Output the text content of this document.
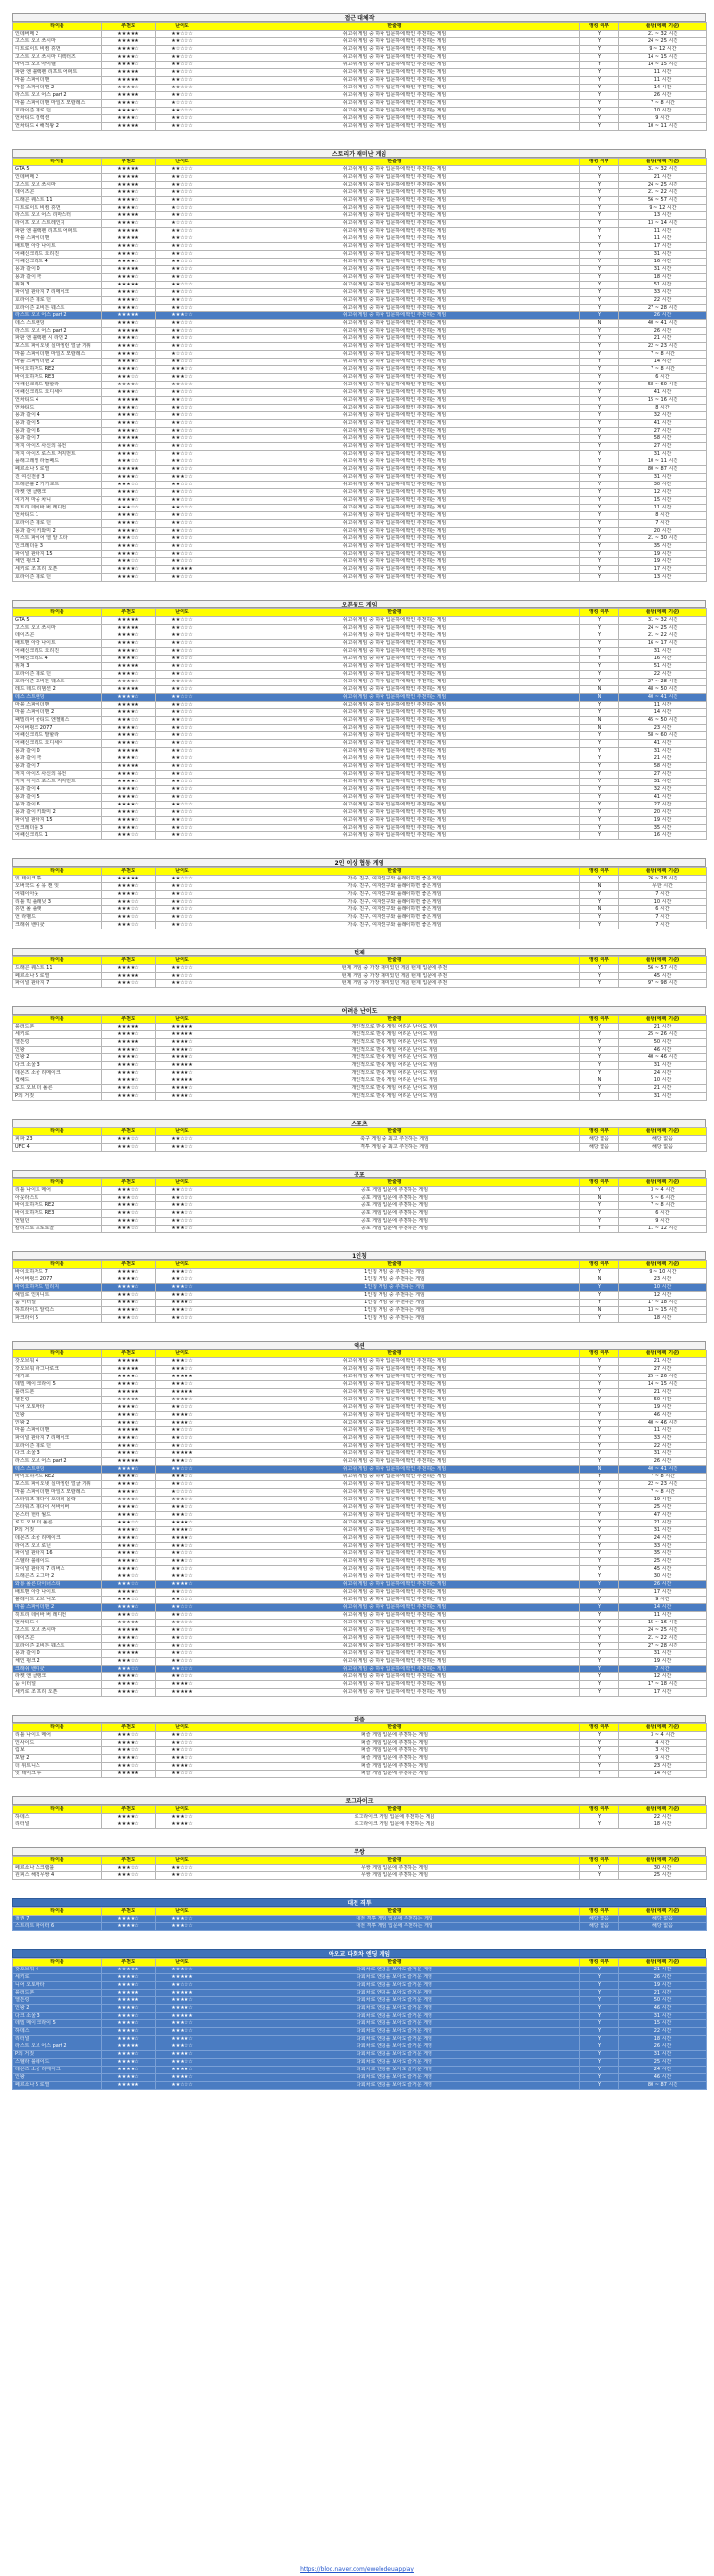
접근 대체작
타이틀	추천도	난이도	한줄평	영킹 여부	플탐(에펙 기준)
인데버메 2	★★★★★	★★☆☆☆	쉬고쉬 게임 중 하나 입문하에 딱인 추천하는 게임	Y	21 ~ 32 시간
고스트 오브 쓰시마	★★★★★	★★☆☆☆	쉬고쉬 게임 중 하나 입문하에 딱인 추천하는 게임	Y	24 ~ 25 시간
디트로이트 비컴 휴먼	★★★★☆	★☆☆☆☆	쉬고쉬 게임 중 하나 입문하에 딱인 추천하는 게임	Y	9 ~ 12 시간
고스트 오브 쓰시마 디렉터즈	★★★★☆	★★☆☆☆	쉬고쉬 게임 중 하나 입문하에 딱인 추천하는 게임	Y	14 ~ 15 시간
마이크 오브 아이텔	★★★★☆	★★☆☆☆	쉬고쉬 게임 중 하나 입문하에 딱인 추천하는 게임	Y	14 ~ 15 시간
파판 엔 블랙펜 리프트 어퍼트	★★★★★	★★☆☆☆	쉬고쉬 게임 중 하나 입문하에 딱인 추천하는 게임	Y	11 시간
마블 스파이더맨	★★★★★	★★☆☆☆	쉬고쉬 게임 중 하나 입문하에 딱인 추천하는 게임	Y	11 시간
마블 스파이더맨 2	★★★★☆	★★☆☆☆	쉬고쉬 게임 중 하나 입문하에 딱인 추천하는 게임	Y	14 시간
라스트 오브 어스 part 2	★★★★★	★★☆☆☆	쉬고쉬 게임 중 하나 입문하에 딱인 추천하는 게임	Y	26 시간
마블 스파이더맨 마일즈 모랄레스	★★★★☆	★☆☆☆☆	쉬고쉬 게임 중 하나 입문하에 딱인 추천하는 게임	Y	7 ~ 8 시간
호라이즌 제로 던	★★★★☆	★★☆☆☆	쉬고쉬 게임 중 하나 입문하에 딱인 추천하는 게임	Y	10 시간
언차티드 컬렉션	★★★★☆	★★☆☆☆	쉬고쉬 게임 중 하나 입문하에 딱인 추천하는 게임	Y	9 시간
언차티드 4 해적왕 2	★★★★★	★★☆☆☆	쉬고쉬 게임 중 하나 입문하에 딱인 추천하는 게임	Y	10 ~ 11 시간
스토리가 재미난 게임
타이틀	추천도	난이도	한줄평	영킹 여부	플탐(에펙 기준)
GTA 5	★★★★★	★★☆☆☆	쉬고쉬 게임 중 하나 입문하에 딱인 추천하는 게임	Y	31 ~ 32 시간
인데버메 2	★★★★★	★★☆☆☆	쉬고쉬 게임 중 하나 입문하에 딱인 추천하는 게임	Y	21 시간
고스트 오브 쓰시마	★★★★★	★★☆☆☆	쉬고쉬 게임 중 하나 입문하에 딱인 추천하는 게임	Y	24 ~ 25 시간
데이즈곤	★★★★☆	★★☆☆☆	쉬고쉬 게임 중 하나 입문하에 딱인 추천하는 게임	Y	21 ~ 22 시간
드래곤 퀘스트 11	★★★★☆	★★☆☆☆	쉬고쉬 게임 중 하나 입문하에 딱인 추천하는 게임	Y	56 ~ 57 시간
디트로이트 비컴 휴먼	★★★★☆	★☆☆☆☆	쉬고쉬 게임 중 하나 입문하에 딱인 추천하는 게임	Y	9 ~ 12 시간
라스트 오브 어스 리마스터	★★★★★	★★☆☆☆	쉬고쉬 게임 중 하나 입문하에 딱인 추천하는 게임	Y	13 시간
라이프 오브 스트레인지	★★★★☆	★☆☆☆☆	쉬고쉬 게임 중 하나 입문하에 딱인 추천하는 게임	Y	13 ~ 14 시간
파판 엔 블랙펜 리프트 어퍼트	★★★★★	★★☆☆☆	쉬고쉬 게임 중 하나 입문하에 딱인 추천하는 게임	Y	11 시간
마블 스파이더맨	★★★★★	★★☆☆☆	쉬고쉬 게임 중 하나 입문하에 딱인 추천하는 게임	Y	11 시간
배트맨 아캄 나이트	★★★★☆	★★☆☆☆	쉬고쉬 게임 중 하나 입문하에 딱인 추천하는 게임	Y	17 시간
어쌔신크리드 오리진	★★★★☆	★★☆☆☆	쉬고쉬 게임 중 하나 입문하에 딱인 추천하는 게임	Y	31 시간
어쌔신크리드 4	★★★★☆	★★☆☆☆	쉬고쉬 게임 중 하나 입문하에 딱인 추천하는 게임	Y	16 시간
용과 같이 0	★★★★★	★★☆☆☆	쉬고쉬 게임 중 하나 입문하에 딱인 추천하는 게임	Y	31 시간
용과 같이 극	★★★★☆	★★☆☆☆	쉬고쉬 게임 중 하나 입문하에 딱인 추천하는 게임	Y	18 시간
위쳐 3	★★★★★	★★☆☆☆	쉬고쉬 게임 중 하나 입문하에 딱인 추천하는 게임	Y	51 시간
파이널 판타지 7 리메이크	★★★★☆	★★☆☆☆	쉬고쉬 게임 중 하나 입문하에 딱인 추천하는 게임	Y	33 시간
호라이즌 제로 던	★★★★☆	★★☆☆☆	쉬고쉬 게임 중 하나 입문하에 딱인 추천하는 게임	Y	22 시간
호라이즌 포비든 웨스트	★★★★☆	★★☆☆☆	쉬고쉬 게임 중 하나 입문하에 딱인 추천하는 게임	Y	27 ~ 28 시간
라스트 오브 어스 part 2	★★★★★	★★★☆☆	쉬고쉬 게임 중 하나 입문하에 딱인 추천하는 게임	Y	26 시간
데스 스트랜딩	★★★★☆	★★☆☆☆	쉬고쉬 게임 중 하나 입문하에 딱인 추천하는 게임	N	40 ~ 41 시간
라스트 오브 어스 part 2	★★★★★	★★☆☆☆	쉬고쉬 게임 중 하나 입문하에 딱인 추천하는 게임	Y	26 시간
파판 엔 블랙펜 시 라멘 2	★★★★☆	★★☆☆☆	쉬고쉬 게임 중 하나 입문하에 딱인 추천하는 게임	Y	21 시간
포스트 파이오넷 실마젤런 얼굴 가위	★★★★☆	★★☆☆☆	쉬고쉬 게임 중 하나 입문하에 딱인 추천하는 게임	Y	22 ~ 23 시간
마블 스파이더맨 마일즈 모랄레스	★★★★☆	★☆☆☆☆	쉬고쉬 게임 중 하나 입문하에 딱인 추천하는 게임	Y	7 ~ 8 시간
마블 스파이더맨 2	★★★★☆	★★☆☆☆	쉬고쉬 게임 중 하나 입문하에 딱인 추천하는 게임	Y	14 시간
바이오하자드 RE2	★★★★☆	★★★☆☆	쉬고쉬 게임 중 하나 입문하에 딱인 추천하는 게임	Y	7 ~ 8 시간
바이오하자드 RE3	★★★☆☆	★★★☆☆	쉬고쉬 게임 중 하나 입문하에 딱인 추천하는 게임	Y	6 시간
어쌔신크리드 발할라	★★★★☆	★★☆☆☆	쉬고쉬 게임 중 하나 입문하에 딱인 추천하는 게임	Y	58 ~ 60 시간
어쌔신크리드 오디세이	★★★★☆	★★☆☆☆	쉬고쉬 게임 중 하나 입문하에 딱인 추천하는 게임	Y	41 시간
언차티드 4	★★★★★	★★☆☆☆	쉬고쉬 게임 중 하나 입문하에 딱인 추천하는 게임	Y	15 ~ 16 시간
언챠티드	★★★★☆	★★☆☆☆	쉬고쉬 게임 중 하나 입문하에 딱인 추천하는 게임	Y	8 시간
용과 같이 4	★★★★☆	★★☆☆☆	쉬고쉬 게임 중 하나 입문하에 딱인 추천하는 게임	Y	32 시간
용과 같이 5	★★★★☆	★★☆☆☆	쉬고쉬 게임 중 하나 입문하에 딱인 추천하는 게임	Y	41 시간
용과 같이 6	★★★★☆	★★☆☆☆	쉬고쉬 게임 중 하나 입문하에 딱인 추천하는 게임	Y	27 시간
용과 같이 7	★★★★★	★★☆☆☆	쉬고쉬 게임 중 하나 입문하에 딱인 추천하는 게임	Y	58 시간
저지 아이즈 사신의 유언	★★★★☆	★★☆☆☆	쉬고쉬 게임 중 하나 입문하에 딱인 추천하는 게임	Y	27 시간
저지 아이즈 로스트 저지먼트	★★★★☆	★★☆☆☆	쉬고쉬 게임 중 하나 입문하에 딱인 추천하는 게임	Y	31 시간
플래그레일 라놀페드	★★★☆☆	★★☆☆☆	쉬고쉬 게임 중 하나 입문하에 딱인 추천하는 게임	Y	10 ~ 11 시간
페르소나 5 로열	★★★★★	★★☆☆☆	쉬고쉬 게임 중 하나 입문하에 딱인 추천하는 게임	Y	80 ~ 87 시간
진 여신전생 3	★★★★☆	★★★☆☆	쉬고쉬 게임 중 하나 입문하에 딱인 추천하는 게임	Y	31 시간
드래곤볼 Z 카카로트	★★★☆☆	★★☆☆☆	쉬고쉬 게임 중 하나 입문하에 딱인 추천하는 게임	Y	30 시간
라켓 앤 클랭크	★★★★☆	★★☆☆☆	쉬고쉬 게임 중 하나 입문하에 딱인 추천하는 게임	Y	12 시간
여기저 마을 차니	★★★★☆	★★☆☆☆	쉬고쉬 게임 중 하나 입문하에 딱인 추천하는 게임	Y	15 시간
히트리 데이바 버 레디언	★★★☆☆	★★☆☆☆	쉬고쉬 게임 중 하나 입문하에 딱인 추천하는 게임	Y	11 시간
언차티드 1	★★★★☆	★★☆☆☆	쉬고쉬 게임 중 하나 입문하에 딱인 추천하는 게임	Y	8 시간
호라이즌 제로 던	★★★★☆	★★☆☆☆	쉬고쉬 게임 중 하나 입문하에 딱인 추천하는 게임	Y	7 시간
용과 같이 키와미 2	★★★★☆	★★☆☆☆	쉬고쉬 게임 중 하나 입문하에 딱인 추천하는 게임	Y	20 시간
미스트 파이어 엘 알 드타	★★★☆☆	★★☆☆☆	쉬고쉬 게임 중 하나 입문하에 딱인 추천하는 게임	Y	21 ~ 30 시간
인크레더블 3	★★★★☆	★★☆☆☆	쉬고쉬 게임 중 하나 입문하에 딱인 추천하는 게임	Y	35 시간
파이널 판타지 15	★★★★☆	★★☆☆☆	쉬고쉬 게임 중 하나 입문하에 딱인 추천하는 게임	Y	19 시간
체인 펑크 2	★★★☆☆	★★☆☆☆	쉬고쉬 게임 중 하나 입문하에 딱인 추천하는 게임	Y	19 시간
세키로 조 프리 오픈	★★★★☆	★★★★★	쉬고쉬 게임 중 하나 입문하에 딱인 추천하는 게임	Y	17 시간
호라이즌 제로 던	★★★★☆	★★☆☆☆	쉬고쉬 게임 중 하나 입문하에 딱인 추천하는 게임	Y	13 시간
오픈월드 게임
타이틀	추천도	난이도	한줄평	영킹 여부	플탐(에펙 기준)
GTA 5	★★★★★	★★☆☆☆	쉬고쉬 게임 중 하나 입문하에 딱인 추천하는 게임	Y	31 ~ 32 시간
고스트 오브 쓰시마	★★★★★	★★☆☆☆	쉬고쉬 게임 중 하나 입문하에 딱인 추천하는 게임	Y	24 ~ 25 시간
데이즈곤	★★★★☆	★★☆☆☆	쉬고쉬 게임 중 하나 입문하에 딱인 추천하는 게임	Y	21 ~ 22 시간
배트맨 아캄 나이트	★★★★☆	★★☆☆☆	쉬고쉬 게임 중 하나 입문하에 딱인 추천하는 게임	Y	16 ~ 17 시간
어쌔신크리드 오리진	★★★★☆	★★☆☆☆	쉬고쉬 게임 중 하나 입문하에 딱인 추천하는 게임	Y	31 시간
어쌔신크리드 4	★★★★☆	★★☆☆☆	쉬고쉬 게임 중 하나 입문하에 딱인 추천하는 게임	Y	16 시간
위쳐 3	★★★★★	★★☆☆☆	쉬고쉬 게임 중 하나 입문하에 딱인 추천하는 게임	Y	51 시간
호라이즌 제로 던	★★★★☆	★★☆☆☆	쉬고쉬 게임 중 하나 입문하에 딱인 추천하는 게임	Y	22 시간
호라이즌 포비든 웨스트	★★★★☆	★★☆☆☆	쉬고쉬 게임 중 하나 입문하에 딱인 추천하는 게임	Y	27 ~ 28 시간
레드 데드 리뎀션 2	★★★★★	★★☆☆☆	쉬고쉬 게임 중 하나 입문하에 딱인 추천하는 게임	N	48 ~ 50 시간
데스 스트랜딩	★★★★☆	★★☆☆☆	쉬고쉬 게임 중 하나 입문하에 딱인 추천하는 게임	N	40 ~ 41 시간
마블 스파이더맨	★★★★★	★★☆☆☆	쉬고쉬 게임 중 하나 입문하에 딱인 추천하는 게임	Y	11 시간
마블 스파이더맨 2	★★★★☆	★★☆☆☆	쉬고쉬 게임 중 하나 입문하에 딱인 추천하는 게임	Y	14 시간
패밀리어 울티드 엔젤레스	★★★☆☆	★★☆☆☆	쉬고쉬 게임 중 하나 입문하에 딱인 추천하는 게임	N	45 ~ 50 시간
사이버펑크 2077	★★★★☆	★★☆☆☆	쉬고쉬 게임 중 하나 입문하에 딱인 추천하는 게임	N	23 시간
어쌔신크리드 발할라	★★★★☆	★★☆☆☆	쉬고쉬 게임 중 하나 입문하에 딱인 추천하는 게임	Y	58 ~ 60 시간
어쌔신크리드 오디세이	★★★★☆	★★☆☆☆	쉬고쉬 게임 중 하나 입문하에 딱인 추천하는 게임	Y	41 시간
용과 같이 0	★★★★★	★★☆☆☆	쉬고쉬 게임 중 하나 입문하에 딱인 추천하는 게임	Y	31 시간
용과 같이 극	★★★★☆	★★☆☆☆	쉬고쉬 게임 중 하나 입문하에 딱인 추천하는 게임	Y	21 시간
용과 같이 7	★★★★★	★★☆☆☆	쉬고쉬 게임 중 하나 입문하에 딱인 추천하는 게임	Y	58 시간
저지 아이즈 사신의 유언	★★★★☆	★★☆☆☆	쉬고쉬 게임 중 하나 입문하에 딱인 추천하는 게임	Y	27 시간
저지 아이즈 로스트 저지먼트	★★★★☆	★★☆☆☆	쉬고쉬 게임 중 하나 입문하에 딱인 추천하는 게임	Y	31 시간
용과 같이 4	★★★★☆	★★☆☆☆	쉬고쉬 게임 중 하나 입문하에 딱인 추천하는 게임	Y	32 시간
용과 같이 5	★★★★☆	★★☆☆☆	쉬고쉬 게임 중 하나 입문하에 딱인 추천하는 게임	Y	41 시간
용과 같이 6	★★★★☆	★★☆☆☆	쉬고쉬 게임 중 하나 입문하에 딱인 추천하는 게임	Y	27 시간
용과 같이 키와미 2	★★★★☆	★★☆☆☆	쉬고쉬 게임 중 하나 입문하에 딱인 추천하는 게임	Y	20 시간
파이널 판타지 15	★★★★☆	★★☆☆☆	쉬고쉬 게임 중 하나 입문하에 딱인 추천하는 게임	Y	19 시간
인크레더블 3	★★★★☆	★★☆☆☆	쉬고쉬 게임 중 하나 입문하에 딱인 추천하는 게임	Y	35 시간
어쌔신크리드 1	★★★☆☆	★★☆☆☆	쉬고쉬 게임 중 하나 입문하에 딱인 추천하는 게임	Y	16 시간
2인 이상 협동 게임
타이틀	추천도	난이도	한줄평	영킹 여부	플탐(에펙 기준)
잇 테이크 투	★★★★★	★★☆☆☆	가족, 친구, 여자친구와 플레이하면 좋은 게임	Y	26 ~ 28 시간
오버쿡드 올 유 캔 잇	★★★★☆	★★☆☆☆	가족, 친구, 여자친구와 플레이하면 좋은 게임	N	무한 시간
어웨이아웃	★★★★☆	★★☆☆☆	가족, 친구, 여자친구와 플레이하면 좋은 게임	Y	7 시간
리틀 빅 플래닛 3	★★★☆☆	★★☆☆☆	가족, 친구, 여자친구와 플레이하면 좋은 게임	Y	10 시간
휴먼 폴 플랫	★★★☆☆	★★☆☆☆	가족, 친구, 여자친구와 플레이하면 좋은 게임	N	6 시간
언 라벨드	★★★☆☆	★★☆☆☆	가족, 친구, 여자친구와 플레이하면 좋은 게임	Y	7 시간
크래쉬 밴디쿳	★★★☆☆	★★☆☆☆	가족, 친구, 여자친구와 플레이하면 좋은 게임	Y	7 시간
턴제
타이틀	추천도	난이도	한줄평	영킹 여부	플탐(에펙 기준)
드래곤 퀘스트 11	★★★★☆	★★☆☆☆	턴제 게임 중 가장 재미있던 게임 턴제 입문에 추천	Y	56 ~ 57 시간
페르소나 5 로열	★★★★★	★★☆☆☆	턴제 게임 중 가장 재미있던 게임 턴제 입문에 추천	Y	45 시간
파이널 판타지 7	★★★☆☆	★★☆☆☆	턴제 게임 중 가장 재미있던 게임 턴제 입문에 추천	Y	97 ~ 98 시간
어려운 난이도
타이틀	추천도	난이도	한줄평	영킹 여부	플탐(에펙 기준)
블러드본	★★★★★	★★★★★	개인적으로 반복 게임 어려운 난이도 게임	Y	21 시간
세키로	★★★★☆	★★★★★	개인적으로 반복 게임 어려운 난이도 게임	Y	25 ~ 26 시간
엘든링	★★★★★	★★★★☆	개인적으로 반복 게임 어려운 난이도 게임	Y	50 시간
인왕	★★★★☆	★★★★☆	개인적으로 반복 게임 어려운 난이도 게임	Y	46 시간
인왕 2	★★★★☆	★★★★☆	개인적으로 반복 게임 어려운 난이도 게임	Y	40 ~ 46 시간
다크 소울 3	★★★★☆	★★★★★	개인적으로 반복 게임 어려운 난이도 게임	Y	31 시간
데몬즈 소울 리메이크	★★★★☆	★★★★☆	개인적으로 반복 게임 어려운 난이도 게임	Y	24 시간
컵헤드	★★★★☆	★★★★★	개인적으로 반복 게임 어려운 난이도 게임	N	10 시간
로드 오브 더 폴른	★★★☆☆	★★★★☆	개인적으로 반복 게임 어려운 난이도 게임	Y	21 시간
P의 거짓	★★★★☆	★★★★☆	개인적으로 반복 게임 어려운 난이도 게임	Y	31 시간
스포츠
타이틀	추천도	난이도	한줄평	영킹 여부	플탐(에펙 기준)
피파 23	★★★☆☆	★★☆☆☆	축구 게임 중 최고 추천하는 게임	해당 없음	해당 없음
UFC 4	★★★☆☆	★★★☆☆	격투 게임 중 최고 추천하는 게임	해당 없음	해당 없음
공포
타이틀	추천도	난이도	한줄평	영킹 여부	플탐(에펙 기준)
리틀 나이트 메어	★★★☆☆	★★☆☆☆	공포 게임 입문에 추천하는 게임	Y	3 ~ 4 시간
아웃라스트	★★★☆☆	★★☆☆☆	공포 게임 입문에 추천하는 게임	N	5 ~ 6 시간
바이오하자드 RE2	★★★★☆	★★★☆☆	공포 게임 입문에 추천하는 게임	Y	7 ~ 8 시간
바이오하자드 RE3	★★★☆☆	★★★☆☆	공포 게임 입문에 추천하는 게임	Y	6 시간
언틸던	★★★★☆	★★☆☆☆	공포 게임 입문에 추천하는 게임	Y	9 시간
칼리스토 프로토콜	★★★☆☆	★★★☆☆	공포 게임 입문에 추천하는 게임	Y	11 ~ 12 시간
1인칭
타이틀	추천도	난이도	한줄평	영킹 여부	플탐(에펙 기준)
바이오하자드 7	★★★★☆	★★★☆☆	1인칭 게임 중 추천하는 게임	Y	9 ~ 10 시간
사이버펑크 2077	★★★★☆	★★☆☆☆	1인칭 게임 중 추천하는 게임	N	23 시간
바이오하자드 빌리지	★★★★☆	★★★☆☆	1인칭 게임 중 추천하는 게임	Y	10 시간
헤일로 인피니트	★★★☆☆	★★★☆☆	1인칭 게임 중 추천하는 게임	Y	12 시간
둠 이터널	★★★★☆	★★★★☆	1인칭 게임 중 추천하는 게임	Y	17 ~ 18 시간
하프라이프 알릭스	★★★★☆	★★★☆☆	1인칭 게임 중 추천하는 게임	N	13 ~ 15 시간
파크라이 5	★★★☆☆	★★☆☆☆	1인칭 게임 중 추천하는 게임	Y	18 시간
액션
타이틀	추천도	난이도	한줄평	영킹 여부	플탐(에펙 기준)
갓오브워 4	★★★★★	★★★☆☆	쉬고쉬 게임 중 하나 입문하에 딱인 추천하는 게임	Y	21 시간
갓오브워 라그나로크	★★★★★	★★★☆☆	쉬고쉬 게임 중 하나 입문하에 딱인 추천하는 게임	Y	27 시간
세키로	★★★★☆	★★★★★	쉬고쉬 게임 중 하나 입문하에 딱인 추천하는 게임	Y	25 ~ 26 시간
데빌 메이 크라이 5	★★★★☆	★★★☆☆	쉬고쉬 게임 중 하나 입문하에 딱인 추천하는 게임	Y	14 ~ 15 시간
블러드본	★★★★★	★★★★★	쉬고쉬 게임 중 하나 입문하에 딱인 추천하는 게임	Y	21 시간
엘든링	★★★★★	★★★★☆	쉬고쉬 게임 중 하나 입문하에 딱인 추천하는 게임	Y	50 시간
니어 오토마타	★★★★☆	★★☆☆☆	쉬고쉬 게임 중 하나 입문하에 딱인 추천하는 게임	Y	19 시간
인왕	★★★★☆	★★★★☆	쉬고쉬 게임 중 하나 입문하에 딱인 추천하는 게임	Y	46 시간
인왕 2	★★★★☆	★★★★☆	쉬고쉬 게임 중 하나 입문하에 딱인 추천하는 게임	Y	40 ~ 46 시간
마블 스파이더맨	★★★★★	★★☆☆☆	쉬고쉬 게임 중 하나 입문하에 딱인 추천하는 게임	Y	11 시간
파이널 판타지 7 리메이크	★★★★☆	★★☆☆☆	쉬고쉬 게임 중 하나 입문하에 딱인 추천하는 게임	Y	33 시간
호라이즌 제로 던	★★★★☆	★★☆☆☆	쉬고쉬 게임 중 하나 입문하에 딱인 추천하는 게임	Y	22 시간
다크 소울 3	★★★★☆	★★★★★	쉬고쉬 게임 중 하나 입문하에 딱인 추천하는 게임	Y	31 시간
라스트 오브 어스 part 2	★★★★★	★★★☆☆	쉬고쉬 게임 중 하나 입문하에 딱인 추천하는 게임	Y	26 시간
데스 스트랜딩	★★★★☆	★★☆☆☆	쉬고쉬 게임 중 하나 입문하에 딱인 추천하는 게임	N	40 ~ 41 시간
바이오하자드 RE2	★★★★☆	★★★☆☆	쉬고쉬 게임 중 하나 입문하에 딱인 추천하는 게임	Y	7 ~ 8 시간
포스트 파이오넷 실마젤런 얼굴 가위	★★★★☆	★★☆☆☆	쉬고쉬 게임 중 하나 입문하에 딱인 추천하는 게임	Y	22 ~ 23 시간
마블 스파이더맨 마일즈 모랄레스	★★★★☆	★☆☆☆☆	쉬고쉬 게임 중 하나 입문하에 딱인 추천하는 게임	Y	7 ~ 8 시간
스타워즈 제다이 오더의 몰락	★★★★☆	★★★☆☆	쉬고쉬 게임 중 하나 입문하에 딱인 추천하는 게임	Y	19 시간
스타워즈 제다이 서바이버	★★★★☆	★★★☆☆	쉬고쉬 게임 중 하나 입문하에 딱인 추천하는 게임	Y	25 시간
몬스터 헌터 월드	★★★★☆	★★★☆☆	쉬고쉬 게임 중 하나 입문하에 딱인 추천하는 게임	Y	47 시간
로드 오브 더 폴른	★★★☆☆	★★★★☆	쉬고쉬 게임 중 하나 입문하에 딱인 추천하는 게임	Y	21 시간
P의 거짓	★★★★☆	★★★★☆	쉬고쉬 게임 중 하나 입문하에 딱인 추천하는 게임	Y	31 시간
데몬즈 소울 리메이크	★★★★☆	★★★★☆	쉬고쉬 게임 중 하나 입문하에 딱인 추천하는 게임	Y	24 시간
라이즈 오브 로닌	★★★★☆	★★★☆☆	쉬고쉬 게임 중 하나 입문하에 딱인 추천하는 게임	Y	33 시간
파이널 판타지 16	★★★★☆	★★☆☆☆	쉬고쉬 게임 중 하나 입문하에 딱인 추천하는 게임	Y	35 시간
스텔라 블레이드	★★★★☆	★★★☆☆	쉬고쉬 게임 중 하나 입문하에 딱인 추천하는 게임	Y	25 시간
파이널 판타지 7 리버스	★★★★☆	★★☆☆☆	쉬고쉬 게임 중 하나 입문하에 딱인 추천하는 게임	Y	45 시간
드래곤즈 도그마 2	★★★☆☆	★★★☆☆	쉬고쉬 게임 중 하나 입문하에 딱인 추천하는 게임	Y	30 시간
와룡 폴른 다이너스티	★★★☆☆	★★★★☆	쉬고쉬 게임 중 하나 입문하에 딱인 추천하는 게임	Y	26 시간
배트맨 아캄 나이트	★★★★☆	★★☆☆☆	쉬고쉬 게임 중 하나 입문하에 딱인 추천하는 게임	Y	17 시간
블레이드 오브 니모	★★★☆☆	★★☆☆☆	쉬고쉬 게임 중 하나 입문하에 딱인 추천하는 게임	Y	9 시간
마블 스파이더맨 2	★★★★☆	★★☆☆☆	쉬고쉬 게임 중 하나 입문하에 딱인 추천하는 게임	Y	14 시간
히트리 데이바 버 레디언	★★★☆☆	★★☆☆☆	쉬고쉬 게임 중 하나 입문하에 딱인 추천하는 게임	Y	11 시간
언차티드 4	★★★★★	★★☆☆☆	쉬고쉬 게임 중 하나 입문하에 딱인 추천하는 게임	Y	15 ~ 16 시간
고스트 오브 쓰시마	★★★★★	★★☆☆☆	쉬고쉬 게임 중 하나 입문하에 딱인 추천하는 게임	Y	24 ~ 25 시간
데이즈곤	★★★★☆	★★☆☆☆	쉬고쉬 게임 중 하나 입문하에 딱인 추천하는 게임	Y	21 ~ 22 시간
호라이즌 포비든 웨스트	★★★★☆	★★☆☆☆	쉬고쉬 게임 중 하나 입문하에 딱인 추천하는 게임	Y	27 ~ 28 시간
용과 같이 0	★★★★★	★★☆☆☆	쉬고쉬 게임 중 하나 입문하에 딱인 추천하는 게임	Y	31 시간
체인 펑크 2	★★★☆☆	★★☆☆☆	쉬고쉬 게임 중 하나 입문하에 딱인 추천하는 게임	Y	19 시간
크래쉬 밴디쿳	★★★☆☆	★★☆☆☆	쉬고쉬 게임 중 하나 입문하에 딱인 추천하는 게임	Y	7 시간
라켓 앤 클랭크	★★★★☆	★★☆☆☆	쉬고쉬 게임 중 하나 입문하에 딱인 추천하는 게임	Y	12 시간
둠 이터널	★★★★☆	★★★★☆	쉬고쉬 게임 중 하나 입문하에 딱인 추천하는 게임	Y	17 ~ 18 시간
세키로 조 프리 오픈	★★★★☆	★★★★★	쉬고쉬 게임 중 하나 입문하에 딱인 추천하는 게임	Y	17 시간
퍼즐
타이틀	추천도	난이도	한줄평	영킹 여부	플탐(에펙 기준)
리틀 나이트 메어	★★★☆☆	★★☆☆☆	퍼즐 게임 입문에 추천하는 게임	Y	3 ~ 4 시간
인사이드	★★★★☆	★★☆☆☆	퍼즐 게임 입문에 추천하는 게임	Y	4 시간
림보	★★★☆☆	★★☆☆☆	퍼즐 게임 입문에 추천하는 게임	Y	3 시간
포탈 2	★★★★☆	★★★☆☆	퍼즐 게임 입문에 추천하는 게임	Y	9 시간
더 위트니스	★★★☆☆	★★★★☆	퍼즐 게임 입문에 추천하는 게임	Y	23 시간
잇 테이크 투	★★★★★	★★☆☆☆	퍼즐 게임 입문에 추천하는 게임	Y	14 시간
로그라이크
타이틀	추천도	난이도	한줄평	영킹 여부	플탐(에펙 기준)
하데스	★★★★☆	★★★☆☆	로그라이크 게임 입문에 추천하는 게임	Y	22 시간
리터널	★★★★☆	★★★★☆	로그라이크 게임 입문에 추천하는 게임	Y	18 시간
무쌍
타이틀	추천도	난이도	한줄평	영킹 여부	플탐(에펙 기준)
페르소나 스크램블	★★★☆☆	★★☆☆☆	무쌍 게임 입문에 추천하는 게임	Y	30 시간
원피스 해적무쌍 4	★★★☆☆	★★☆☆☆	무쌍 게임 입문에 추천하는 게임	Y	25 시간
대전 격투
타이틀	추천도	난이도	한줄평	영킹 여부	플탐(에펙 기준)
철권 7	★★★★☆	★★★☆☆	대전 격투 게임 입문에 추천하는 게임	해당 없음	해당 없음
스트리트 파이터 6	★★★★☆	★★★☆☆	대전 격투 게임 입문에 추천하는 게임	해당 없음	해당 없음
아오교 다회차 엔딩 게임
타이틀	추천도	난이도	한줄평	영킹 여부	플탐(에펙 기준)
갓오브워 4	★★★★★	★★★☆☆	다회차로 엔딩을 보아도 즐거운 게임	Y	21 시간
세키로	★★★★☆	★★★★★	다회차로 엔딩을 보아도 즐거운 게임	Y	26 시간
니어 오토마타	★★★★☆	★★☆☆☆	다회차로 엔딩을 보아도 즐거운 게임	Y	19 시간
블러드본	★★★★★	★★★★★	다회차로 엔딩을 보아도 즐거운 게임	Y	21 시간
엘든링	★★★★★	★★★★☆	다회차로 엔딩을 보아도 즐거운 게임	Y	50 시간
인왕 2	★★★★☆	★★★★☆	다회차로 엔딩을 보아도 즐거운 게임	Y	46 시간
다크 소울 3	★★★★☆	★★★★★	다회차로 엔딩을 보아도 즐거운 게임	Y	31 시간
데빌 메이 크라이 5	★★★★☆	★★★☆☆	다회차로 엔딩을 보아도 즐거운 게임	Y	15 시간
하데스	★★★★☆	★★★☆☆	다회차로 엔딩을 보아도 즐거운 게임	Y	22 시간
리터널	★★★★☆	★★★★☆	다회차로 엔딩을 보아도 즐거운 게임	Y	18 시간
라스트 오브 어스 part 2	★★★★★	★★★☆☆	다회차로 엔딩을 보아도 즐거운 게임	Y	26 시간
P의 거짓	★★★★☆	★★★★☆	다회차로 엔딩을 보아도 즐거운 게임	Y	31 시간
스텔라 블레이드	★★★★☆	★★★☆☆	다회차로 엔딩을 보아도 즐거운 게임	Y	25 시간
데몬즈 소울 리메이크	★★★★☆	★★★★☆	다회차로 엔딩을 보아도 즐거운 게임	Y	24 시간
인왕	★★★★☆	★★★★☆	다회차로 엔딩을 보아도 즐거운 게임	Y	46 시간
페르소나 5 로열	★★★★★	★★☆☆☆	다회차로 엔딩을 보아도 즐거운 게임	Y	80 ~ 87 시간
https://blog.naver.com/ewelodeuapplay
